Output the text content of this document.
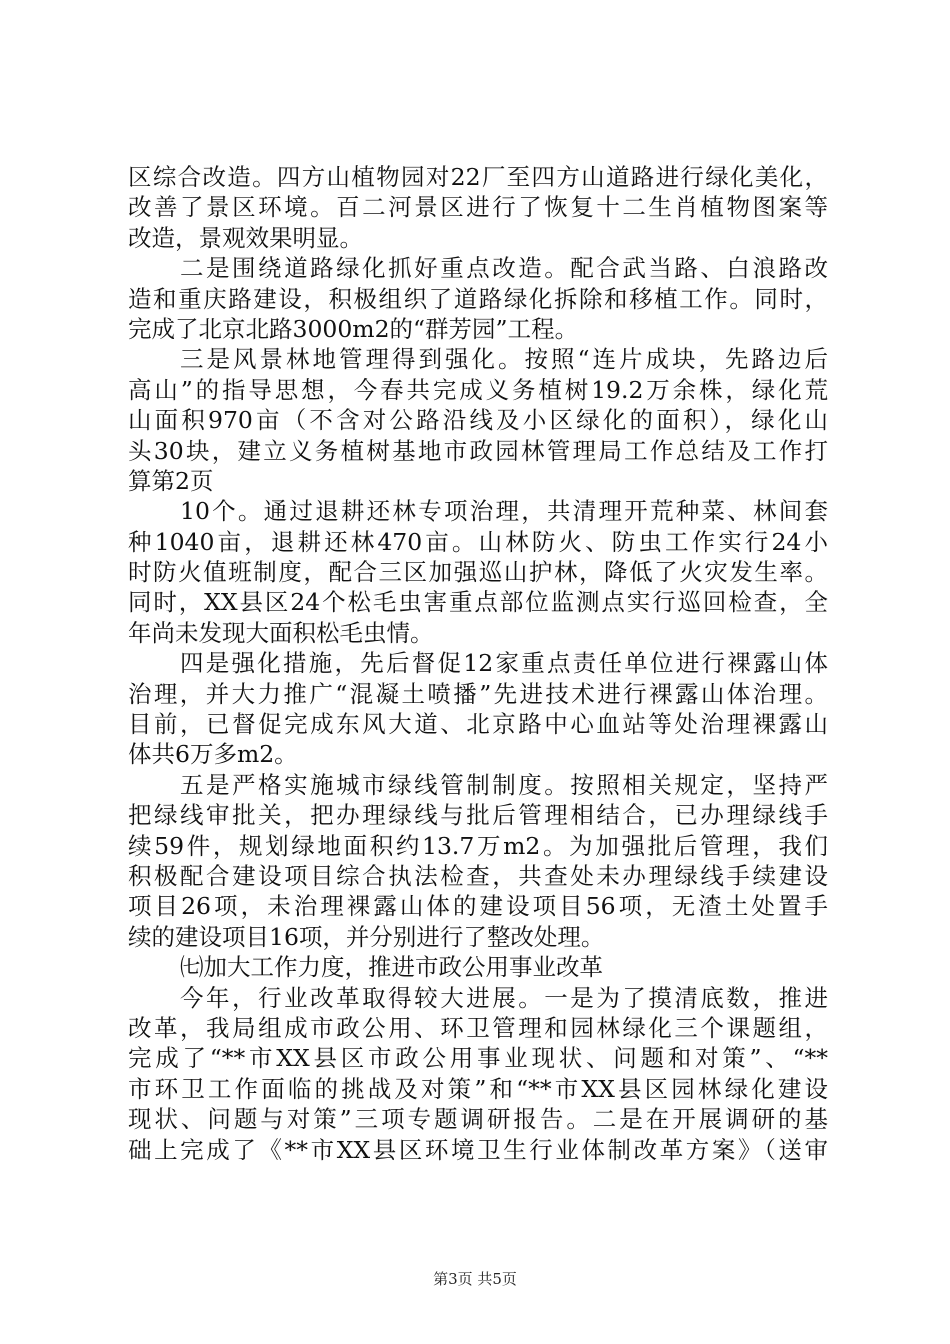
区综合改造。四方山植物园对22厂至四方山道路进行绿化美化，
改善了景区环境。百二河景区进行了恢复十二生肖植物图案等
改造，景观效果明显。
二是围绕道路绿化抓好重点改造。配合武当路、白浪路改
造和重庆路建设，积极组织了道路绿化拆除和移植工作。同时，
完成了北京北路3000m2的“群芳园”工程。
三是风景林地管理得到强化。按照“连片成块，先路边后
高山”的指导思想，今春共完成义务植树19.2万余株，绿化荒
山面积970亩（不含对公路沿线及小区绿化的面积），绿化山
头30块，建立义务植树基地市政园林管理局工作总结及工作打
算第2页
10个。通过退耕还林专项治理，共清理开荒种菜、林间套
种1040亩，退耕还林470亩。山林防火、防虫工作实行24小
时防火值班制度，配合三区加强巡山护林，降低了火灾发生率。
同时，XX县区24个松毛虫害重点部位监测点实行巡回检查，全
年尚未发现大面积松毛虫情。
四是强化措施，先后督促12家重点责任单位进行裸露山体
治理，并大力推广“混凝土喷播”先进技术进行裸露山体治理。
目前，已督促完成东风大道、北京路中心血站等处治理裸露山
体共6万多m2。
五是严格实施城市绿线管制制度。按照相关规定，坚持严
把绿线审批关，把办理绿线与批后管理相结合，已办理绿线手
续59件，规划绿地面积约13.7万m2。为加强批后管理，我们
积极配合建设项目综合执法检查，共查处未办理绿线手续建设
项目26项，未治理裸露山体的建设项目56项，无渣土处置手
续的建设项目16项，并分别进行了整改处理。
㈦加大工作力度，推进市政公用事业改革
今年，行业改革取得较大进展。一是为了摸清底数，推进
改革，我局组成市政公用、环卫管理和园林绿化三个课题组，
完成了“**市XX县区市政公用事业现状、问题和对策”、“**
市环卫工作面临的挑战及对策”和“**市XX县区园林绿化建设
现状、问题与对策”三项专题调研报告。二是在开展调研的基
础上完成了《**市XX县区环境卫生行业体制改革方案》（送审
第3页 共5页
